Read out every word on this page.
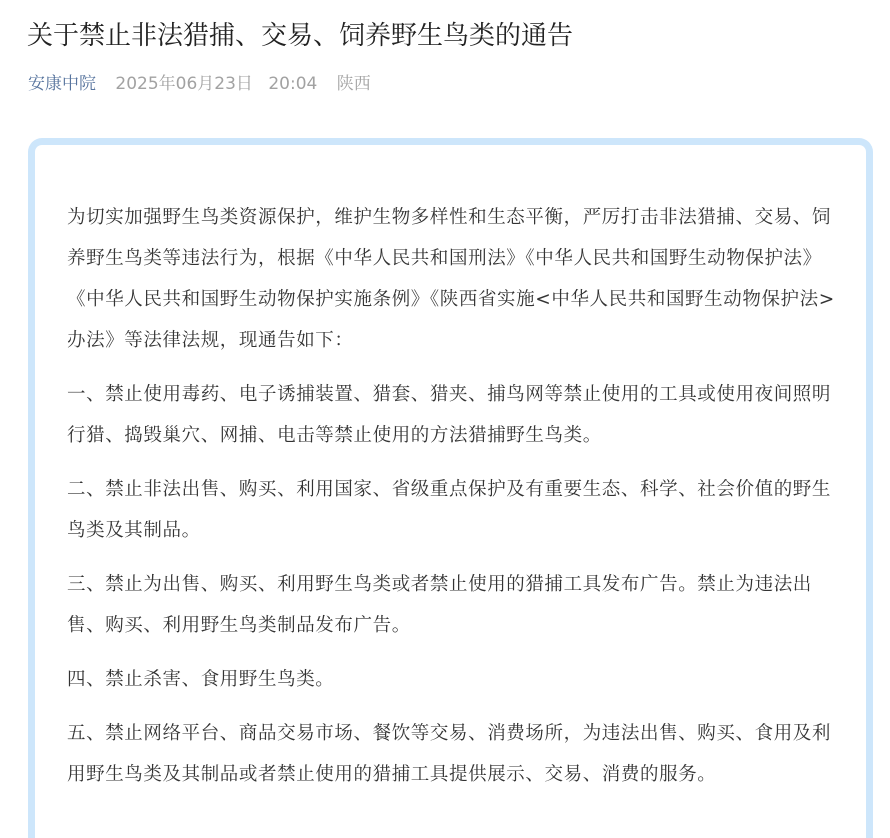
关于禁止非法猎捕、交易、饲养野生鸟类的通告
安康中院 2025年06月23日 20:04 陕西

为切实加强野生鸟类资源保护，维护生物多样性和生态平衡，严厉打击非法猎捕、交易、饲养野生鸟类等违法行为，根据《中华人民共和国刑法》《中华人民共和国野生动物保护法》《中华人民共和国野生动物保护实施条例》《陕西省实施<中华人民共和国野生动物保护法>办法》等法律法规，现通告如下：

一、禁止使用毒药、电子诱捕装置、猎套、猎夹、捕鸟网等禁止使用的工具或使用夜间照明行猎、捣毁巢穴、网捕、电击等禁止使用的方法猎捕野生鸟类。

二、禁止非法出售、购买、利用国家、省级重点保护及有重要生态、科学、社会价值的野生鸟类及其制品。

三、禁止为出售、购买、利用野生鸟类或者禁止使用的猎捕工具发布广告。禁止为违法出售、购买、利用野生鸟类制品发布广告。

四、禁止杀害、食用野生鸟类。

五、禁止网络平台、商品交易市场、餐饮等交易、消费场所，为违法出售、购买、食用及利用野生鸟类及其制品或者禁止使用的猎捕工具提供展示、交易、消费的服务。
